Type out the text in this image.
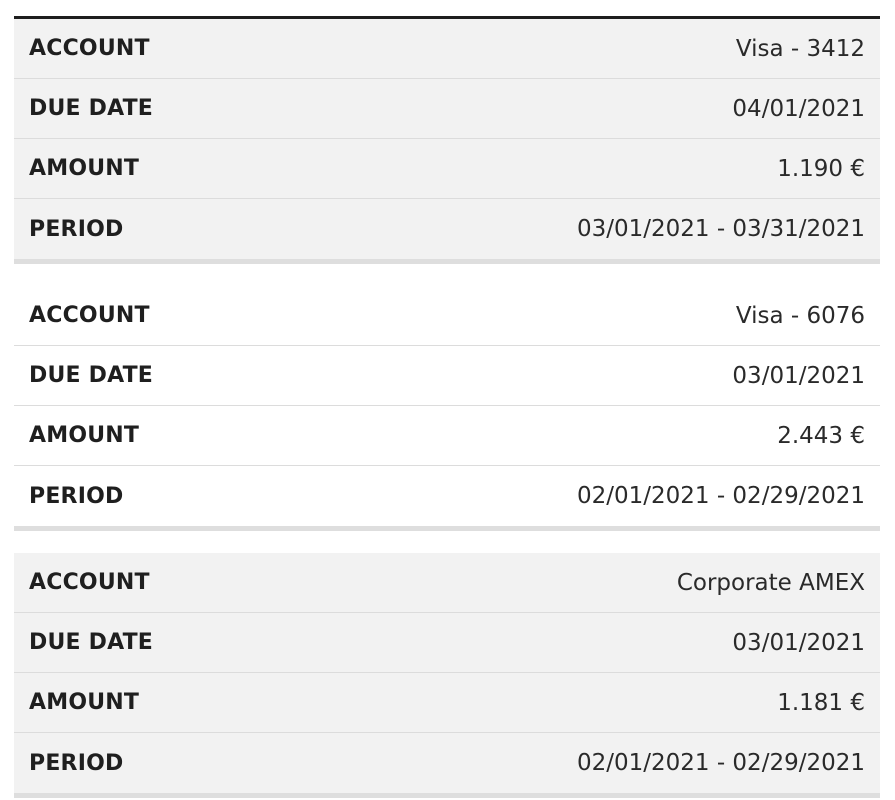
ACCOUNT	Visa - 3412
DUE DATE	04/01/2021
AMOUNT	1.190 €
PERIOD	03/01/2021 - 03/31/2021
ACCOUNT	Visa - 6076
DUE DATE	03/01/2021
AMOUNT	2.443 €
PERIOD	02/01/2021 - 02/29/2021
ACCOUNT	Corporate AMEX
DUE DATE	03/01/2021
AMOUNT	1.181 €
PERIOD	02/01/2021 - 02/29/2021
